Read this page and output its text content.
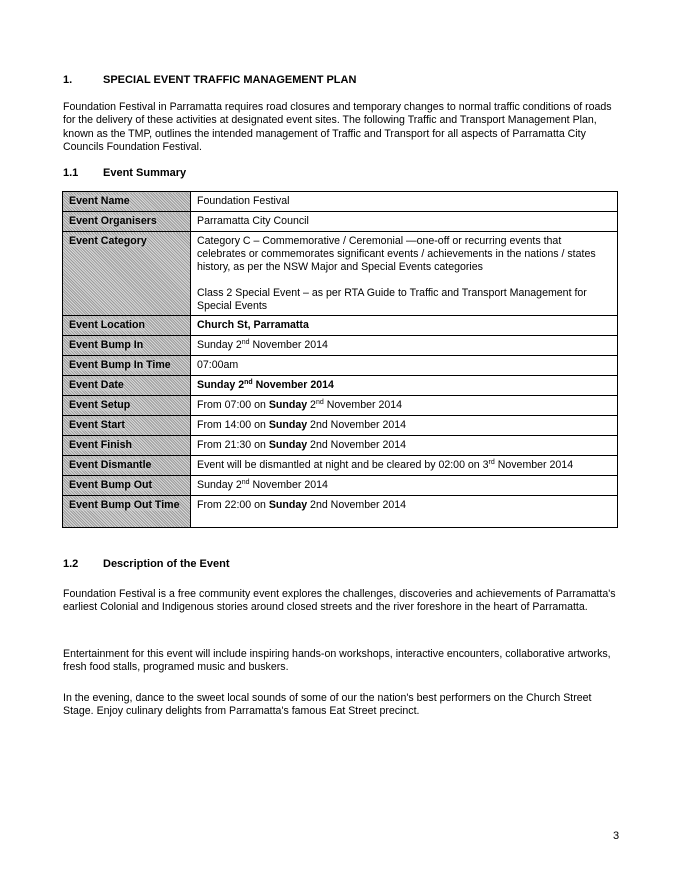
1.	SPECIAL EVENT TRAFFIC MANAGEMENT PLAN
Foundation Festival in Parramatta requires road closures and temporary changes to normal traffic conditions of roads for the delivery of these activities at designated event sites. The following Traffic and Transport Management Plan, known as the TMP, outlines the intended management of Traffic and Transport for all aspects of Parramatta City Councils Foundation Festival.
1.1 Event Summary
Event Name	Foundation Festival
Event Organisers	Parramatta City Council
Event Category	Category C – Commemorative / Ceremonial —one-off or recurring events that celebrates or commemorates significant events / achievements in the nations / states history, as per the NSW Major and Special Events categories
Class 2 Special Event – as per RTA Guide to Traffic and Transport Management for Special Events
Event Location	Church St, Parramatta
Event Bump In	Sunday 2nd November 2014
Event Bump In Time	07:00am
Event Date	Sunday 2nd November 2014
Event Setup	From 07:00 on Sunday 2nd November 2014
Event Start	From 14:00 on Sunday 2nd November 2014
Event Finish	From 21:30 on Sunday 2nd November 2014
Event Dismantle	Event will be dismantled at night and be cleared by 02:00 on 3rd November 2014
Event Bump Out	Sunday 2nd November 2014
Event Bump Out Time	From 22:00 on Sunday 2nd November 2014
1.2 Description of the Event
Foundation Festival is a free community event explores the challenges, discoveries and achievements of Parramatta's earliest Colonial and Indigenous stories around closed streets and the river foreshore in the heart of Parramatta.
Entertainment for this event will include inspiring hands-on workshops, interactive encounters, collaborative artworks, fresh food stalls, programed music and buskers.
In the evening, dance to the sweet local sounds of some of our the nation's best performers on the Church Street Stage. Enjoy culinary delights from Parramatta's famous Eat Street precinct.
3
